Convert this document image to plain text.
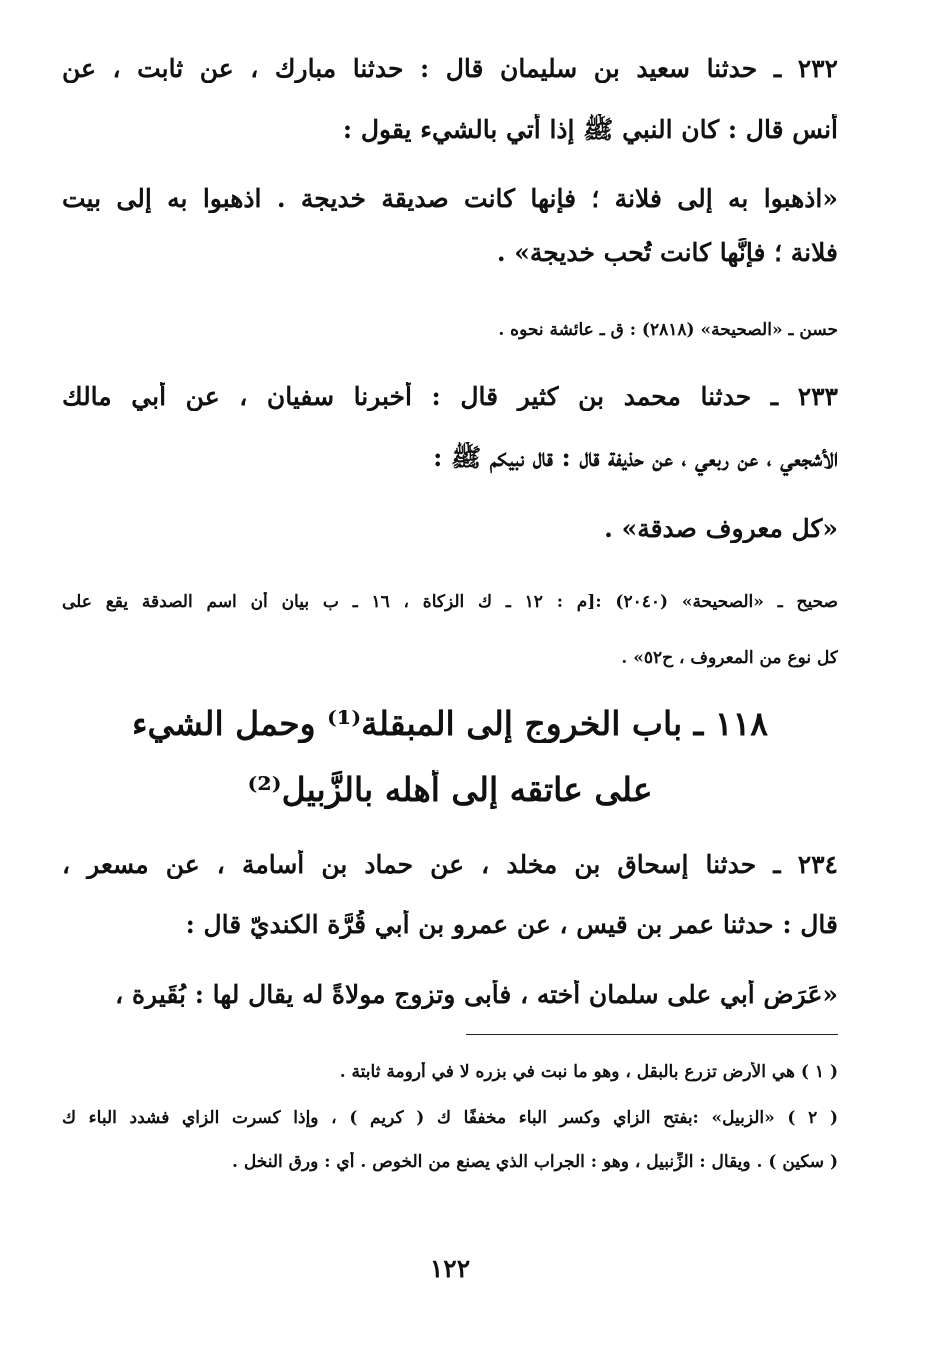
٢٣٢ ـ حدثنا سعيد بن سليمان قال : حدثنا مبارك ، عن ثابت ، عن
أنس قال : كان النبي ﷺ إذا أتي بالشيء يقول :
«اذهبوا به إلى فلانة ؛ فإنها كانت صديقة خديجة . اذهبوا به إلى بيت
فلانة ؛ فإنَّها كانت تُحب خديجة» .
حسن ـ «الصحيحة» (٢٨١٨) : ق ـ عائشة نحوه .
٢٣٣ ـ حدثنا محمد بن كثير قال : أخبرنا سفيان ، عن أبي مالك
الأشجعي ، عن ربعي ، عن حذيفة قال : قال نبيكم ﷺ :
«كل معروف صدقة» .
صحيح ـ «الصحيحة» (٢٠٤٠) :[م : ١٢ ـ ك الزكاة ، ١٦ ـ ب بيان أن اسم الصدقة يقع على
كل نوع من المعروف ، ح٥٢» .
١١٨ ـ باب الخروج إلى المبقلة⁽¹⁾ وحمل الشيء
على عاتقه إلى أهله بالزَّبيل⁽²⁾
٢٣٤ ـ حدثنا إسحاق بن مخلد ، عن حماد بن أسامة ، عن مسعر ،
قال : حدثنا عمر بن قيس ، عن عمرو بن أبي قُرَّة الكنديّ قال :
«عَرَض أبي على سلمان أخته ، فأبى وتزوج مولاةً له يقال لها : بُقَيرة ،
( ١ ) هي الأرض تزرع بالبقل ، وهو ما نبت في بزره لا في أرومة ثابتة .
( ٢ ) «الزبيل» :بفتح الزاي وكسر الباء مخففًا ك ( كريم ) ، وإذا كسرت الزاي فشدد الباء ك
( سكين ) . ويقال : الزِّنبيل ، وهو : الجراب الذي يصنع من الخوص . أي : ورق النخل .
١٢٢
